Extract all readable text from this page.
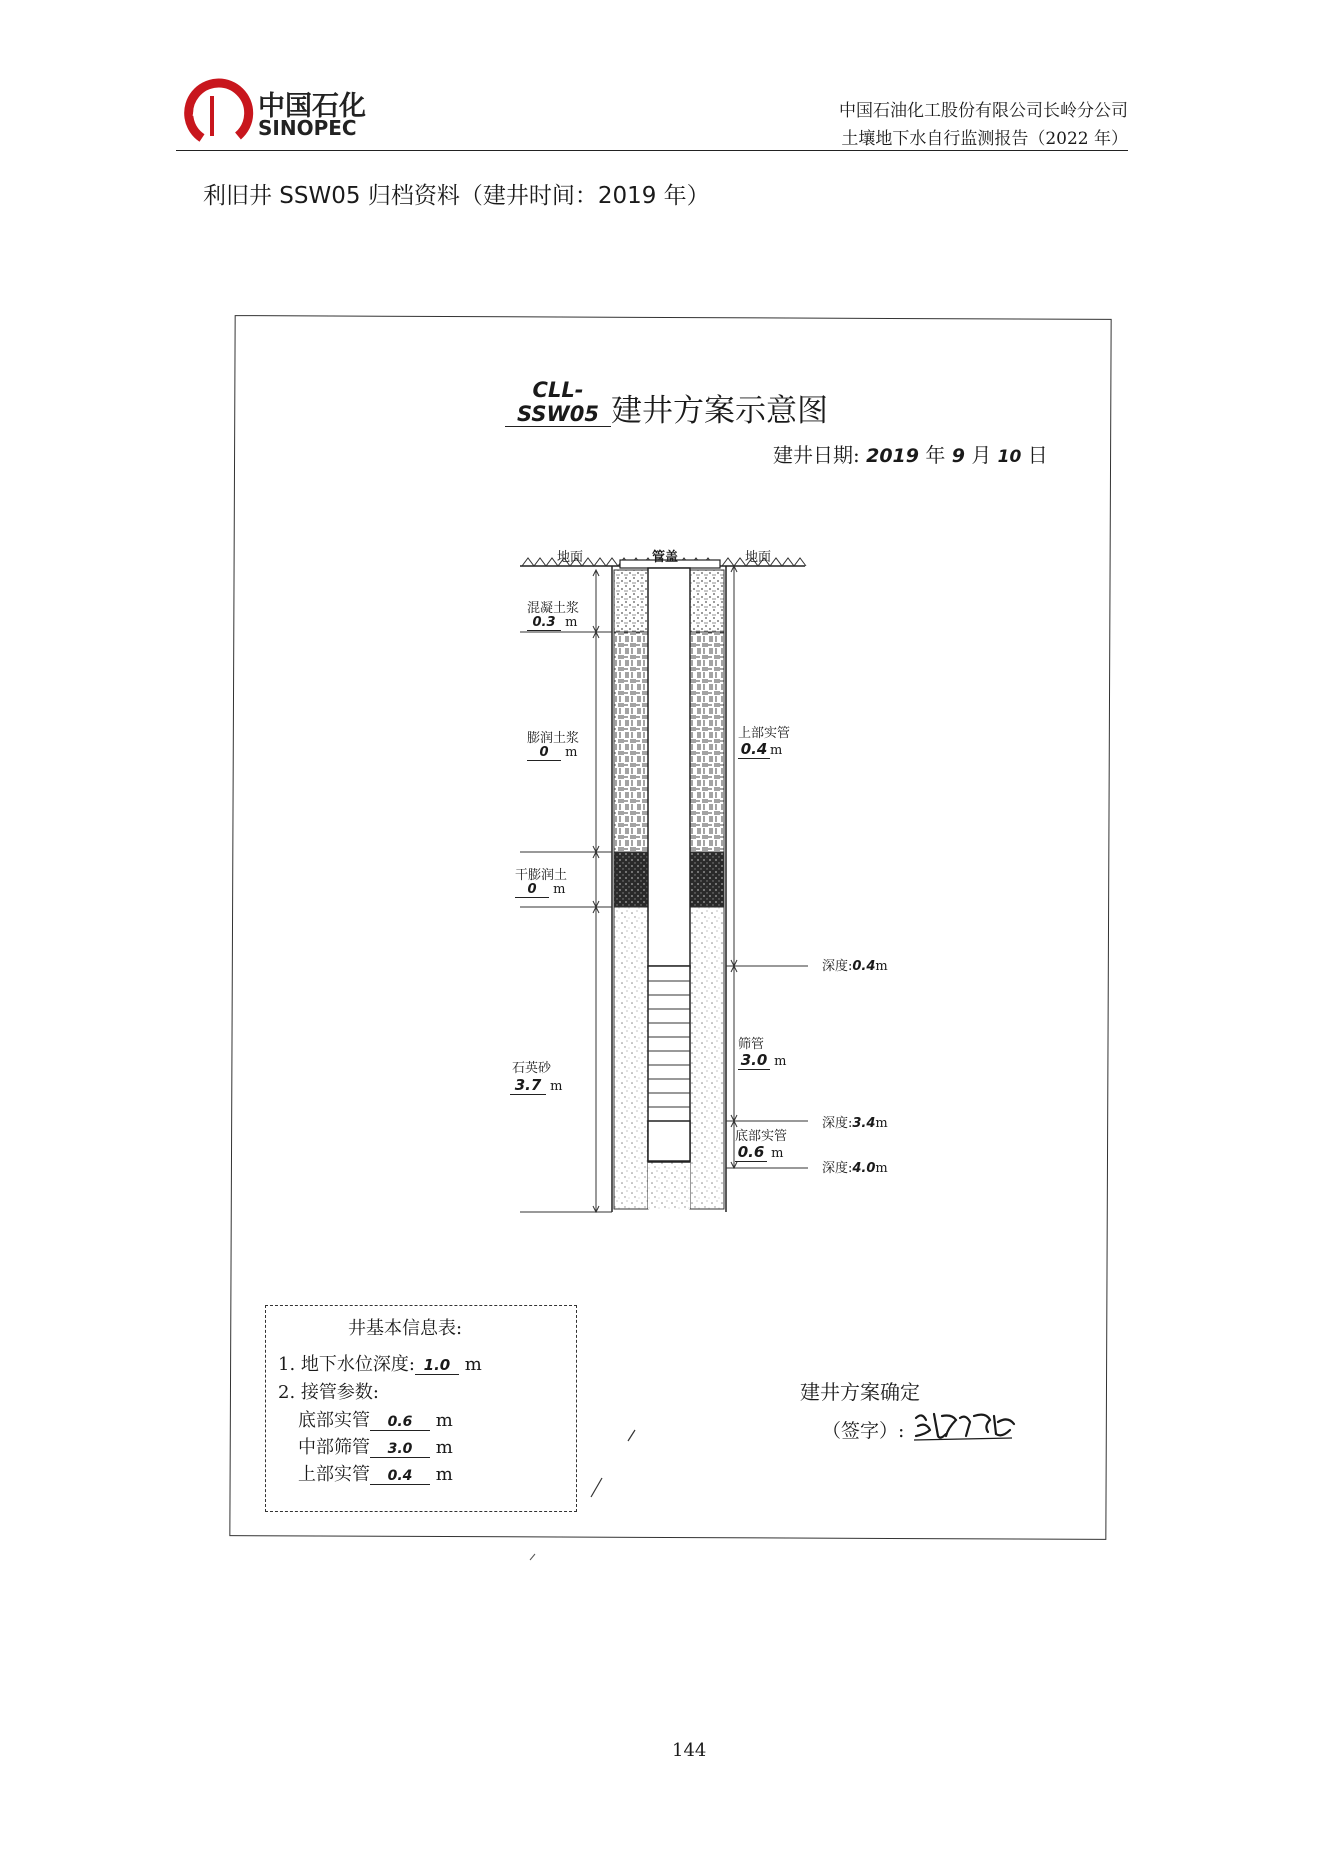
中国石化
SINOPEC
中国石油化工股份有限公司长岭分公司
土壤地下水自行监测报告（2022 年）
利旧井 SSW05 归档资料（建井时间：2019 年）
CLL-SSW05 建井方案示意图
建井日期: 2019 年 9 月 10 日
地面	地面
管盖
混凝土浆
0.3 m
膨润土浆
0 m
干膨润土
0 m
石英砂
3.7 m
上部实管
0.4 m
筛管
3.0 m
底部实管
0.6 m
深度:0.4m
深度:3.4m
深度:4.0m
井基本信息表:
1. 地下水位深度: 1.0 m
2. 接管参数:
底部实管 0.6 m
中部筛管 3.0 m
上部实管 0.4 m
建井方案确定
（签字）:
144
